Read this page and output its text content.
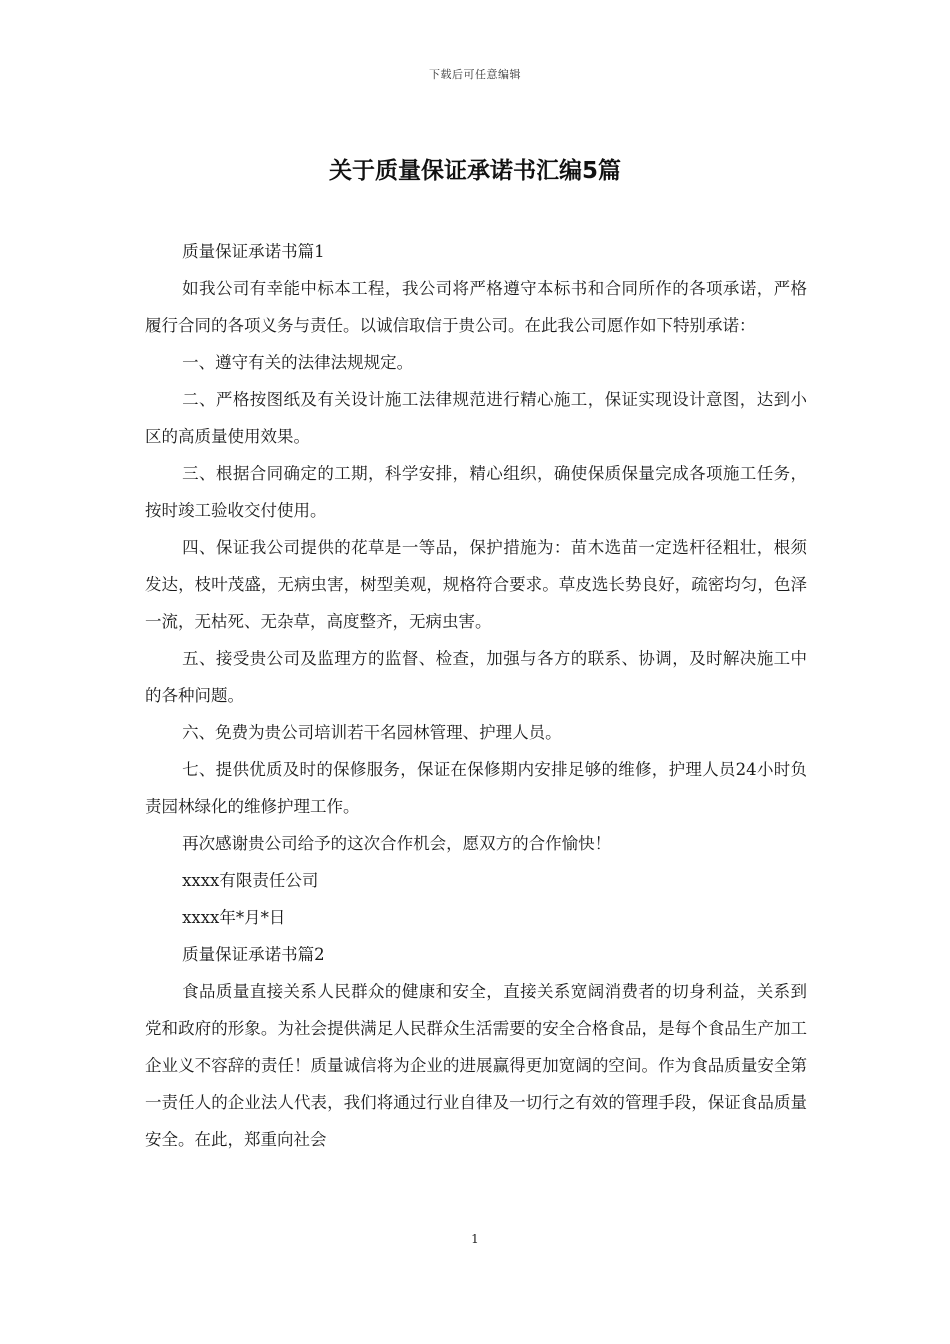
下载后可任意编辑
关于质量保证承诺书汇编5篇

质量保证承诺书篇1

如我公司有幸能中标本工程，我公司将严格遵守本标书和合同所作的各项承诺，严格履行合同的各项义务与责任。以诚信取信于贵公司。在此我公司愿作如下特别承诺：

一、遵守有关的法律法规规定。

二、严格按图纸及有关设计施工法律规范进行精心施工，保证实现设计意图，达到小区的高质量使用效果。

三、根据合同确定的工期，科学安排，精心组织，确使保质保量完成各项施工任务，按时竣工验收交付使用。

四、保证我公司提供的花草是一等品，保护措施为：苗木选苗一定选杆径粗壮，根须发达，枝叶茂盛，无病虫害，树型美观，规格符合要求。草皮选长势良好，疏密均匀，色泽一流，无枯死、无杂草，高度整齐，无病虫害。

五、接受贵公司及监理方的监督、检查，加强与各方的联系、协调，及时解决施工中的各种问题。

六、免费为贵公司培训若干名园林管理、护理人员。

七、提供优质及时的保修服务，保证在保修期内安排足够的维修，护理人员24小时负责园林绿化的维修护理工作。

再次感谢贵公司给予的这次合作机会，愿双方的合作愉快！

xxxx有限责任公司

xxxx年*月*日

质量保证承诺书篇2

食品质量直接关系人民群众的健康和安全，直接关系宽阔消费者的切身利益，关系到党和政府的形象。为社会提供满足人民群众生活需要的安全合格食品，是每个食品生产加工企业义不容辞的责任！质量诚信将为企业的进展赢得更加宽阔的空间。作为食品质量安全第一责任人的企业法人代表，我们将通过行业自律及一切行之有效的管理手段，保证食品质量安全。在此，郑重向社会

1
